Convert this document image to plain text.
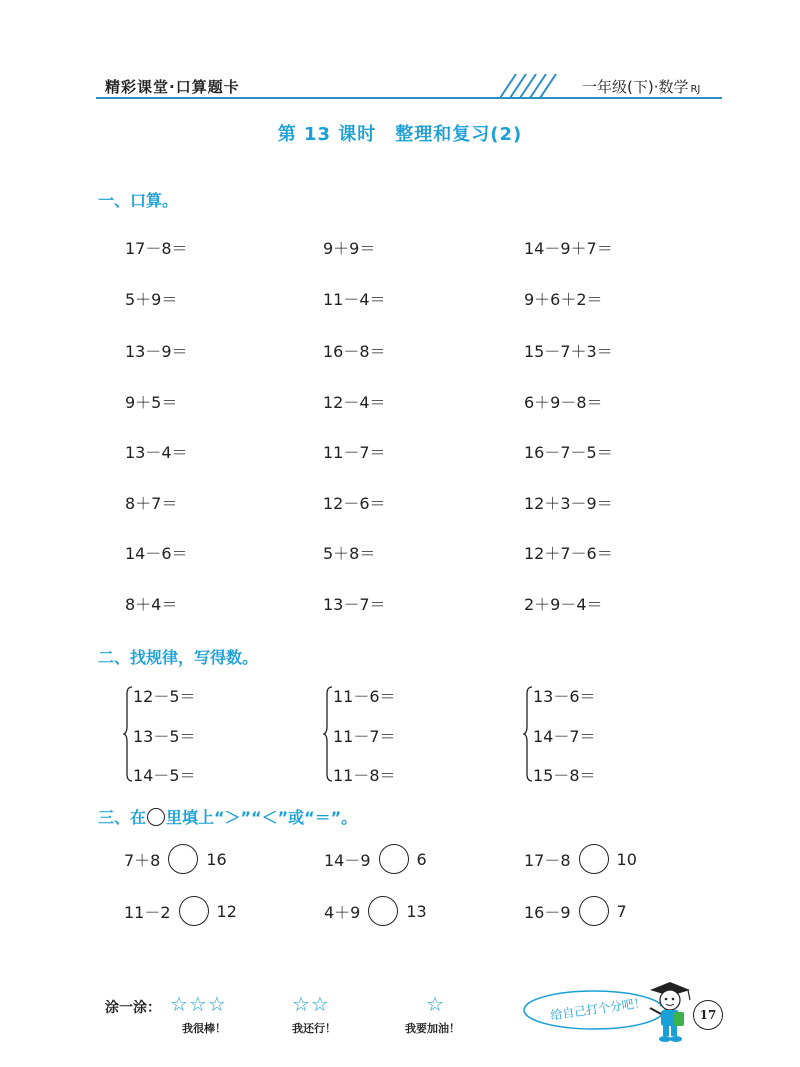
精彩课堂·口算题卡	一年级(下)·数学 RJ
第 13 课时　整理和复习(2)
一、口算。
17－8＝	9＋9＝	14－9＋7＝
5＋9＝	11－4＝	9＋6＋2＝
13－9＝	16－8＝	15－7＋3＝
9＋5＝	12－4＝	6＋9－8＝
13－4＝	11－7＝	16－7－5＝
8＋7＝	12－6＝	12＋3－9＝
14－6＝	5＋8＝	12＋7－6＝
8＋4＝	13－7＝	2＋9－4＝
二、找规律，写得数。
12－5＝
13－5＝
14－5＝
11－6＝
11－7＝
11－8＝
13－6＝
14－7＝
15－8＝
三、在 里填上“＞”“＜”或“＝”。
7＋8	16	14－9	6	17－8	10
11－2	12	4＋9	13	16－9	7
涂一涂： ☆☆☆
我很棒！
☆☆
我还行！
☆
我要加油！
给自己打个分吧！	17
